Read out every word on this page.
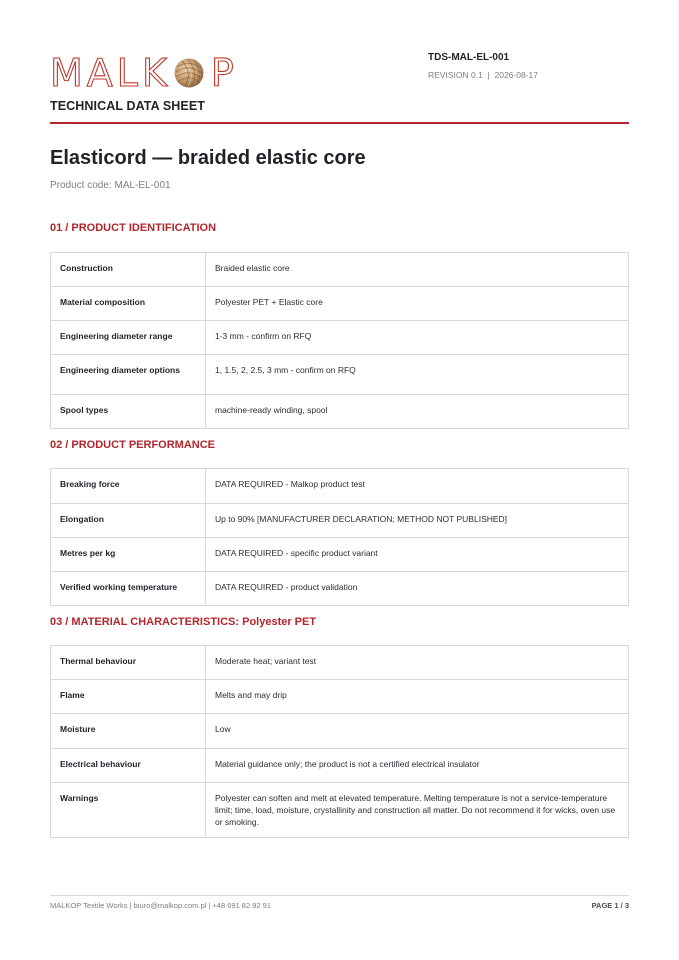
MALK P
TECHNICAL DATA SHEET
TDS-MAL-EL-001
REVISION 0.1 | 2026-08-17
Elasticord — braided elastic core
Product code: MAL-EL-001
01 / PRODUCT IDENTIFICATION
Construction	Braided elastic core
Material composition	Polyester PET + Elastic core
Engineering diameter range	1-3 mm - confirm on RFQ
Engineering diameter options	1, 1.5, 2, 2.5, 3 mm - confirm on RFQ
Spool types	machine-ready winding, spool
02 / PRODUCT PERFORMANCE
Breaking force	DATA REQUIRED - Malkop product test
Elongation	Up to 90% [MANUFACTURER DECLARATION; METHOD NOT PUBLISHED]
Metres per kg	DATA REQUIRED - specific product variant
Verified working temperature	DATA REQUIRED - product validation
03 / MATERIAL CHARACTERISTICS: Polyester PET
Thermal behaviour	Moderate heat; variant test
Flame	Melts and may drip
Moisture	Low
Electrical behaviour	Material guidance only; the product is not a certified electrical insulator
Warnings	Polyester can soften and melt at elevated temperature. Melting temperature is not a service-temperature limit; time, load, moisture, crystallinity and construction all matter. Do not recommend it for wicks, oven use or smoking.
MALKOP Textile Works | biuro@malkop.com.pl | +48 691 82 92 91	PAGE 1 / 3
